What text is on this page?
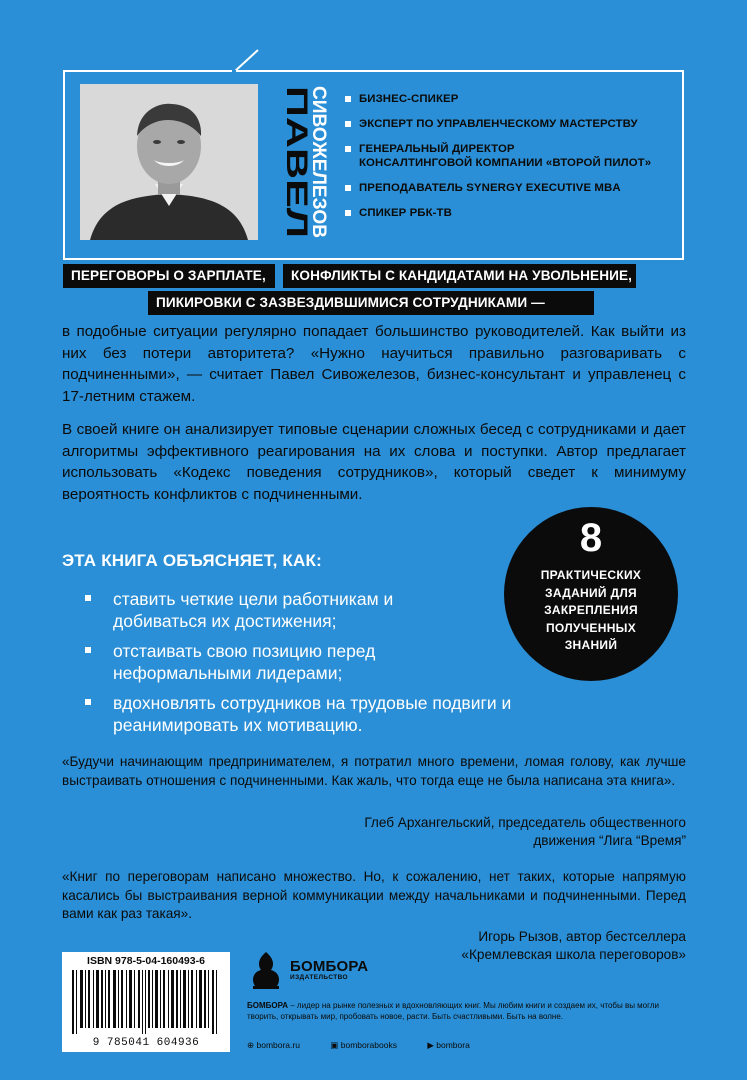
ПАВЕЛ
СИВОЖЕЛЕЗОВ	БИЗНЕС-СПИКЕР
ЭКСПЕРТ ПО УПРАВЛЕНЧЕСКОМУ МАСТЕРСТВУ
ГЕНЕРАЛЬНЫЙ ДИРЕКТОР
КОНСАЛТИНГОВОЙ КОМПАНИИ «ВТОРОЙ ПИЛОТ»
ПРЕПОДАВАТЕЛЬ SYNERGY EXECUTIVE MBA
СПИКЕР РБК-ТВ
ПЕРЕГОВОРЫ О ЗАРПЛАТЕ,	КОНФЛИКТЫ С КАНДИДАТАМИ НА УВОЛЬНЕНИЕ,
ПИКИРОВКИ С ЗАЗВЕЗДИВШИМИСЯ СОТРУДНИКАМИ —
в подобные ситуации регулярно попадает большинство руководителей. Как выйти из них без потери авторитета? «Нужно научиться правильно разговаривать с подчиненными», — считает Павел Сивожелезов, бизнес-консультант и управленец с 17-летним стажем.
В своей книге он анализирует типовые сценарии сложных бесед с сотрудниками и дает алгоритмы эффективного реагирования на их слова и поступки. Автор предлагает использовать «Кодекс поведения сотрудников», который сведет к минимуму вероятность конфликтов с подчиненными.
ЭТА КНИГА ОБЪЯСНЯЕТ, КАК:
ставить четкие цели работникам и добиваться их достижения;
отстаивать свою позицию перед неформальными лидерами;
вдохновлять сотрудников на трудовые подвиги и реанимировать их мотивацию.
8
ПРАКТИЧЕСКИХ ЗАДАНИЙ ДЛЯ ЗАКРЕПЛЕНИЯ ПОЛУЧЕННЫХ ЗНАНИЙ
«Будучи начинающим предпринимателем, я потратил много времени, ломая голову, как лучше выстраивать отношения с подчиненными. Как жаль, что тогда еще не была написана эта книга».
Глеб Архангельский, председатель общественного
движения “Лига “Время”
«Книг по переговорам написано множество. Но, к сожалению, нет таких, которые напрямую касались бы выстраивания верной коммуникации между начальниками и подчиненными. Перед вами как раз такая».
Игорь Рызов, автор бестселлера
«Кремлевская школа переговоров»
ISBN 978-5-04-160493-6
9 785041 604936
БОМБОРА
ИЗДАТЕЛЬСТВО
БОМБОРА – лидер на рынке полезных и вдохновляющих книг. Мы любим книги и создаем их, чтобы вы могли творить, открывать мир, пробовать новое, расти. Быть счастливыми. Быть на волне.
⊕ bombora.ru	▣ bomborabooks	▶ bombora
